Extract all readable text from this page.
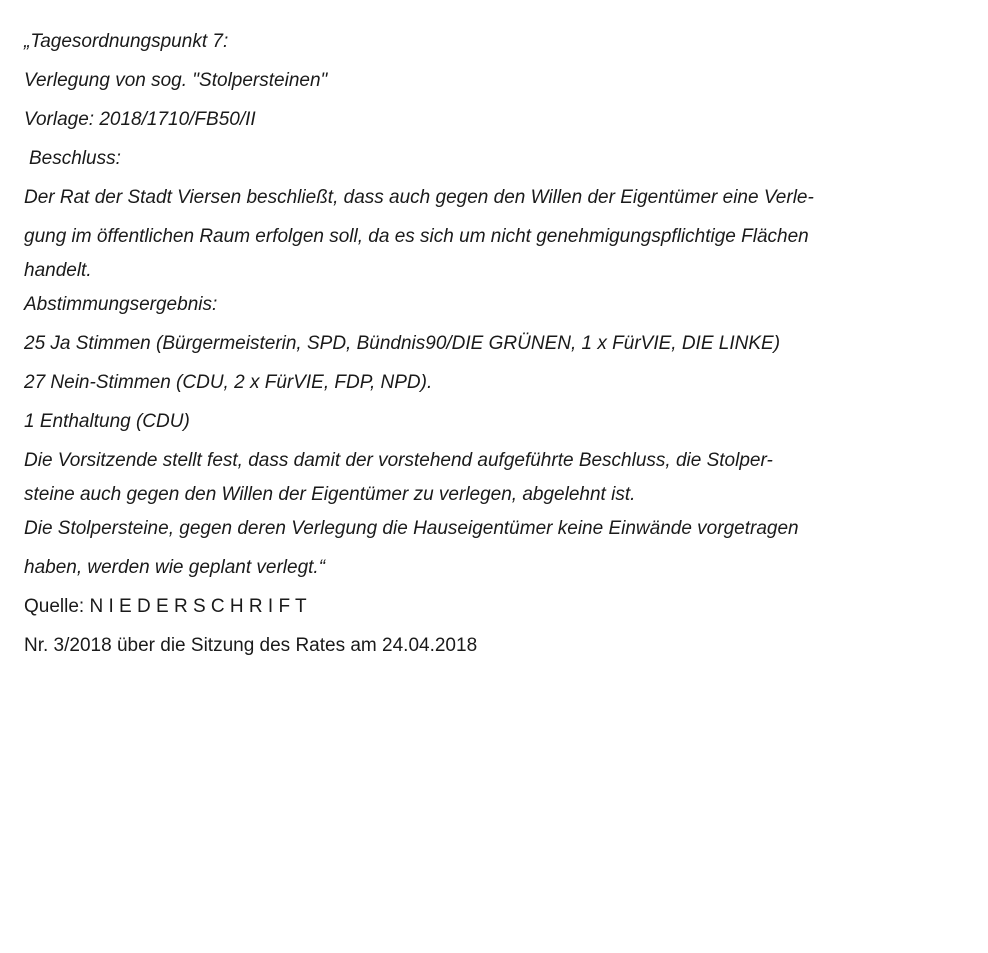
„Tagesordnungspunkt 7:
Verlegung von sog. "Stolpersteinen"
Vorlage: 2018/1710/FB50/II
Beschluss:
Der Rat der Stadt Viersen beschließt, dass auch gegen den Willen der Eigentümer eine Verle-
gung im öffentlichen Raum erfolgen soll, da es sich um nicht genehmigungspflichtige Flächen
handelt.
Abstimmungsergebnis:
25 Ja Stimmen (Bürgermeisterin, SPD, Bündnis90/DIE GRÜNEN, 1 x FürVIE, DIE LINKE)
27 Nein-Stimmen (CDU, 2 x FürVIE, FDP, NPD).
1 Enthaltung (CDU)
Die Vorsitzende stellt fest, dass damit der vorstehend aufgeführte Beschluss, die Stolper-
steine auch gegen den Willen der Eigentümer zu verlegen, abgelehnt ist.
Die Stolpersteine, gegen deren Verlegung die Hauseigentümer keine Einwände vorgetragen
haben, werden wie geplant verlegt.“
Quelle: N I E D E R S C H R I F T
Nr. 3/2018 über die Sitzung des Rates am 24.04.2018
